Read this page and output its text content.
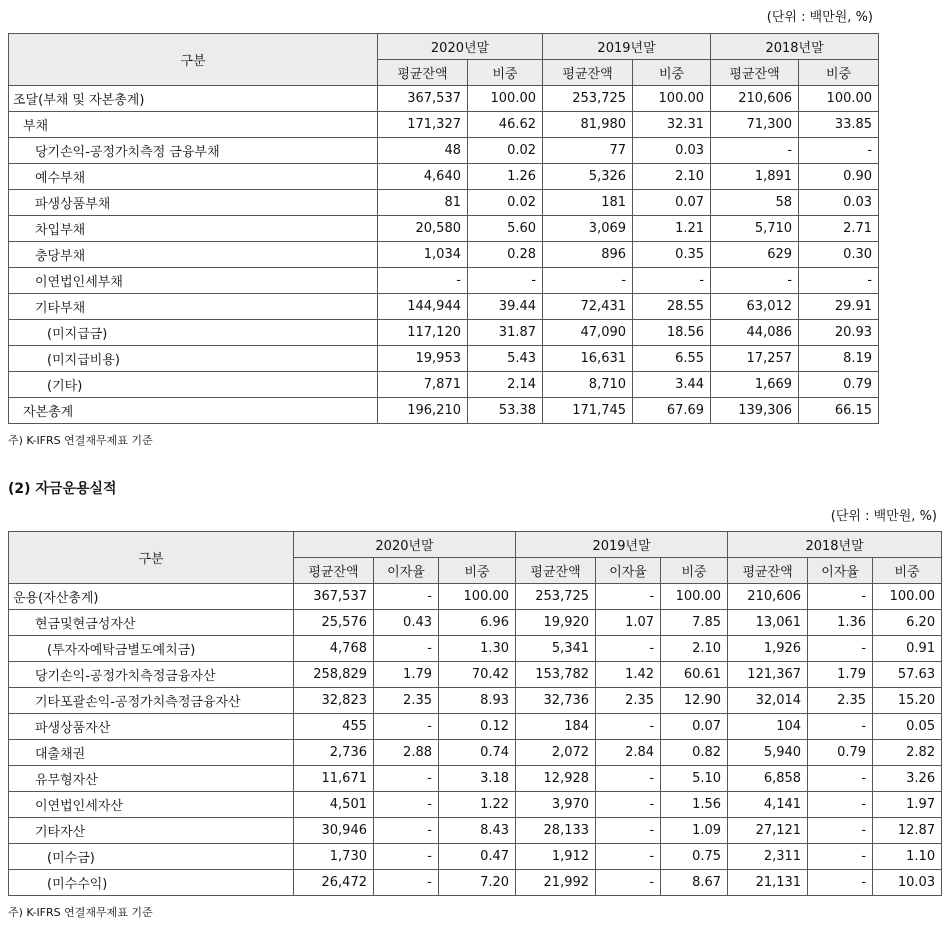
(단위 : 백만원, %)
구분	2020년말		2019년말		2018년말	
	평균잔액	비중	평균잔액	비중	평균잔액	비중
조달(부채 및 자본총계)	367,537	100.00	253,725	100.00	210,606	100.00
부채	171,327	46.62	81,980	32.31	71,300	33.85
당기손익-공정가치측정 금융부채	48	0.02	77	0.03	-	-
예수부채	4,640	1.26	5,326	2.10	1,891	0.90
파생상품부채	81	0.02	181	0.07	58	0.03
차입부채	20,580	5.60	3,069	1.21	5,710	2.71
충당부채	1,034	0.28	896	0.35	629	0.30
이연법인세부채	-	-	-	-	-	-
기타부채	144,944	39.44	72,431	28.55	63,012	29.91
(미지급금)	117,120	31.87	47,090	18.56	44,086	20.93
(미지급비용)	19,953	5.43	16,631	6.55	17,257	8.19
(기타)	7,871	2.14	8,710	3.44	1,669	0.79
자본총계	196,210	53.38	171,745	67.69	139,306	66.15
주) K-IFRS 연결재무제표 기준
(2) 자금운용실적
(단위 : 백만원, %)
구분	2020년말			2019년말			2018년말		
	평균잔액	이자율	비중	평균잔액	이자율	비중	평균잔액	이자율	비중
운용(자산총계)	367,537	-	100.00	253,725	-	100.00	210,606	-	100.00
현금및현금성자산	25,576	0.43	6.96	19,920	1.07	7.85	13,061	1.36	6.20
(투자자예탁금별도예치금)	4,768	-	1.30	5,341	-	2.10	1,926	-	0.91
당기손익-공정가치측정금융자산	258,829	1.79	70.42	153,782	1.42	60.61	121,367	1.79	57.63
기타포괄손익-공정가치측정금융자산	32,823	2.35	8.93	32,736	2.35	12.90	32,014	2.35	15.20
파생상품자산	455	-	0.12	184	-	0.07	104	-	0.05
대출채권	2,736	2.88	0.74	2,072	2.84	0.82	5,940	0.79	2.82
유무형자산	11,671	-	3.18	12,928	-	5.10	6,858	-	3.26
이연법인세자산	4,501	-	1.22	3,970	-	1.56	4,141	-	1.97
기타자산	30,946	-	8.43	28,133	-	1.09	27,121	-	12.87
(미수금)	1,730	-	0.47	1,912	-	0.75	2,311	-	1.10
(미수수익)	26,472	-	7.20	21,992	-	8.67	21,131	-	10.03
주) K-IFRS 연결재무제표 기준
